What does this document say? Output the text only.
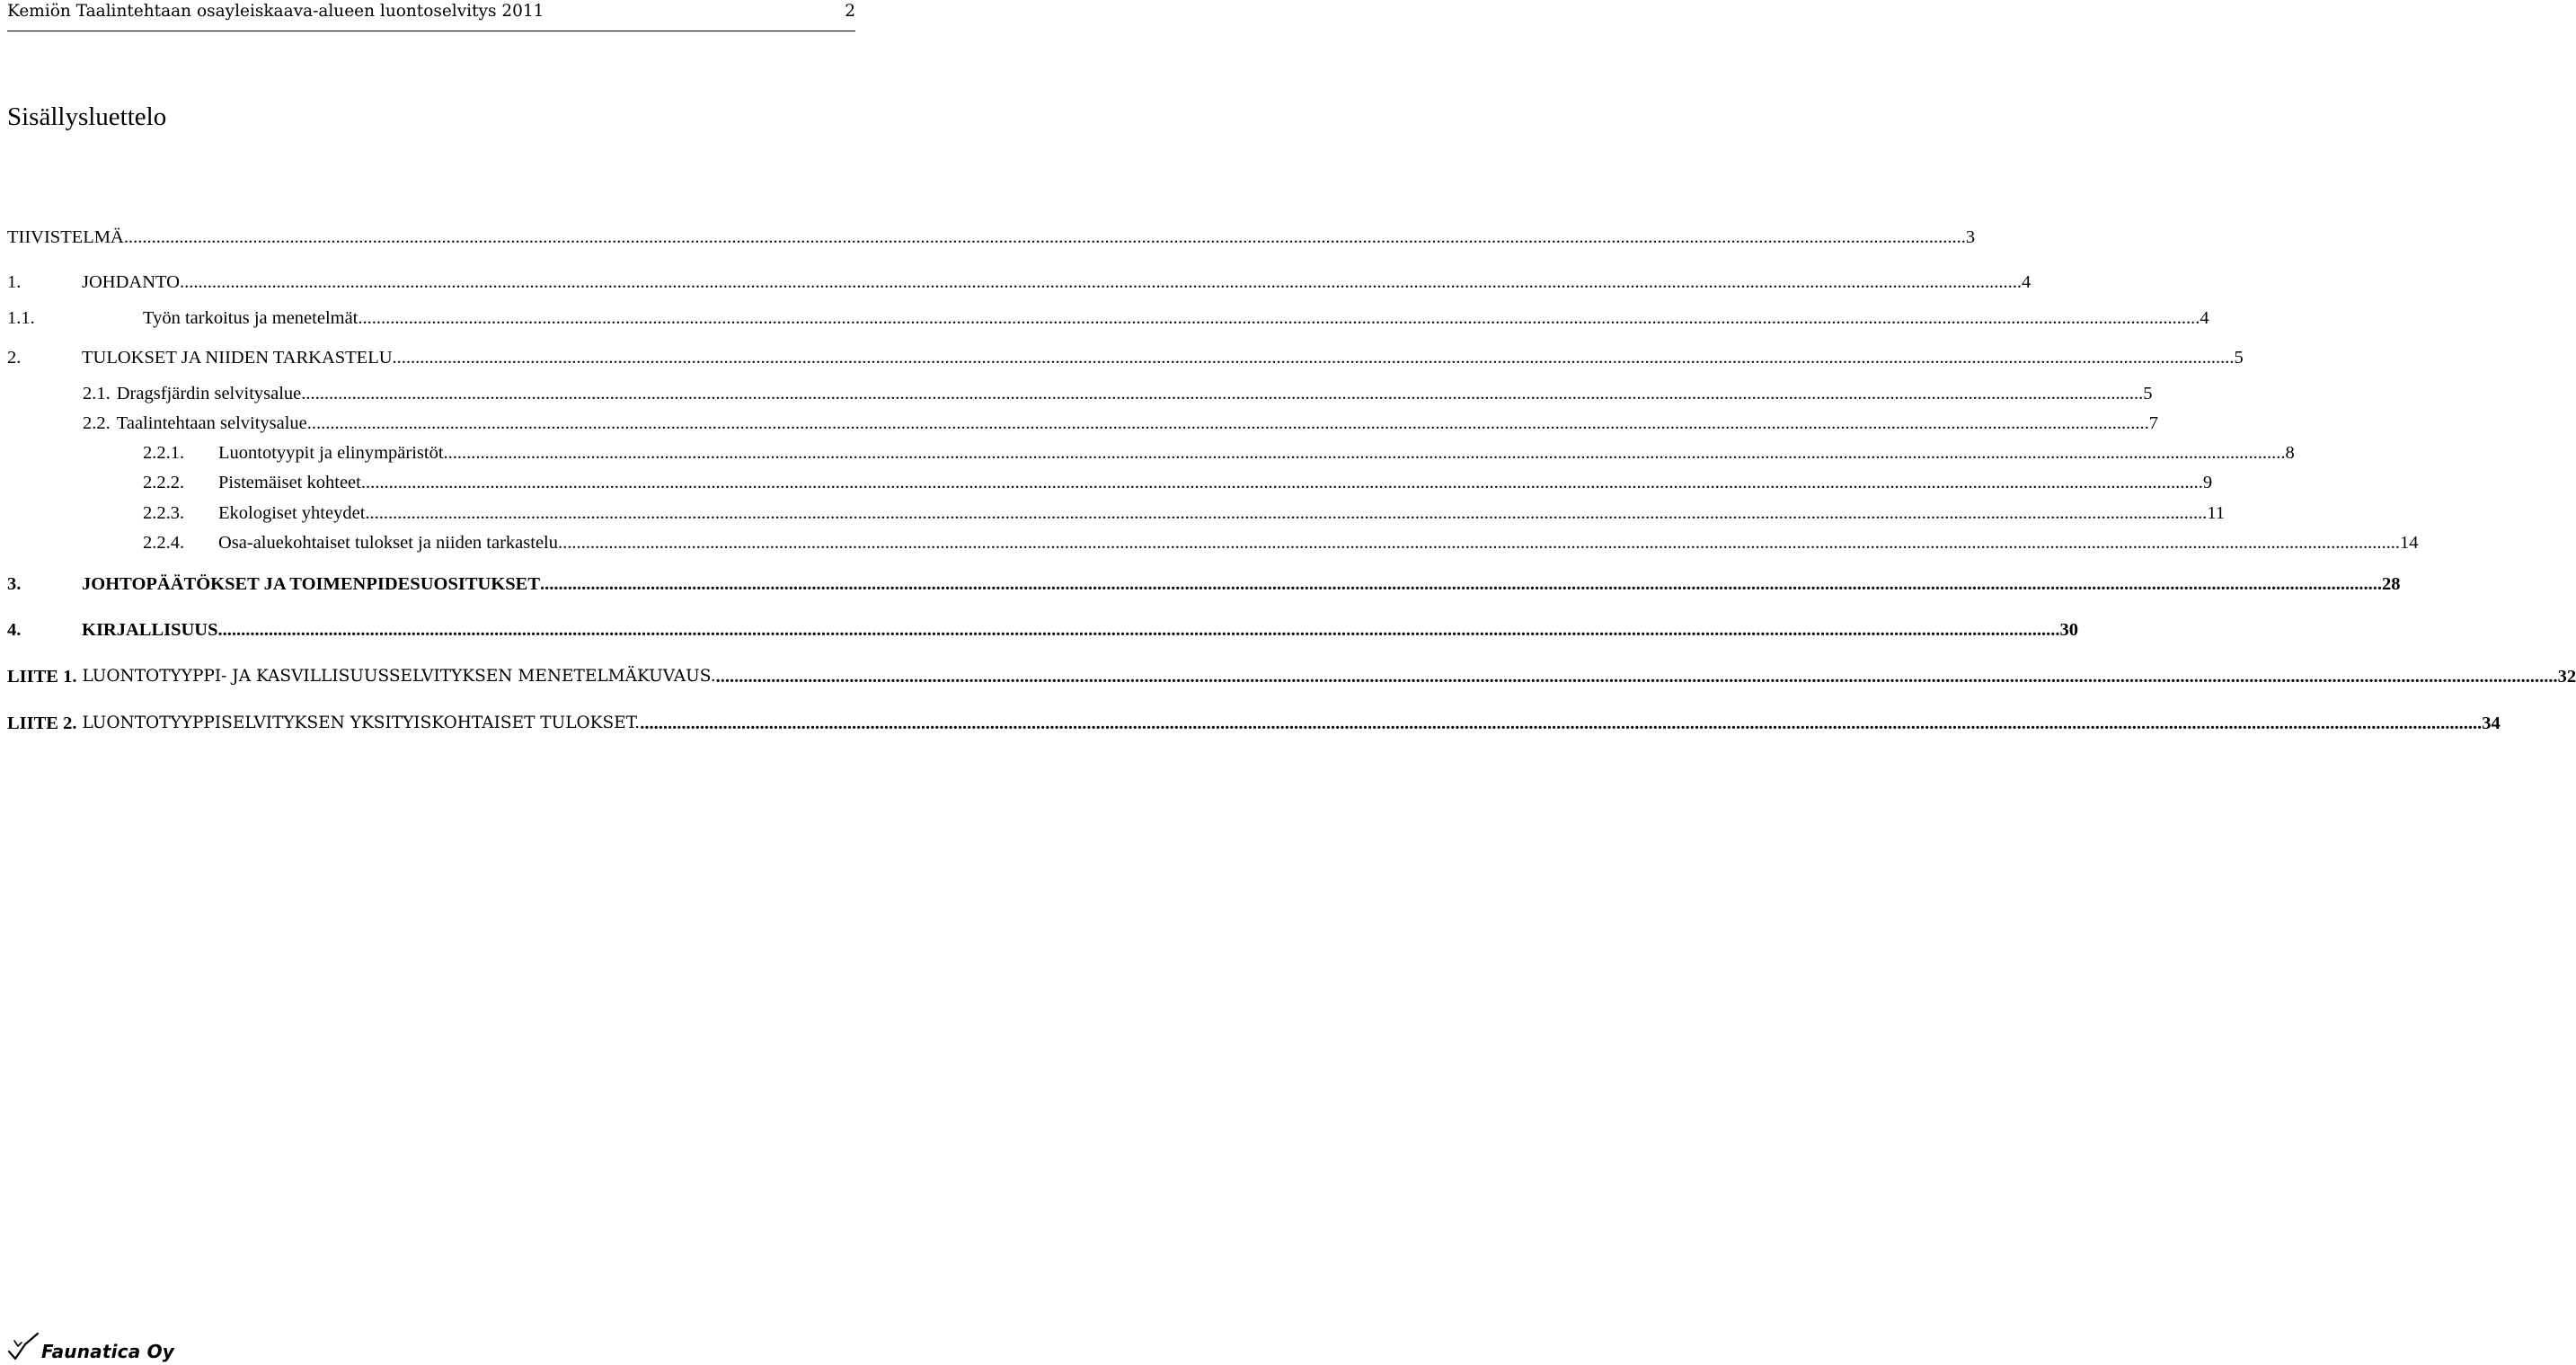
Kemiön Taalintehtaan osayleiskaava-alueen luontoselvitys 2011	2
Sisällysluettelo
TIIVISTELMÄ ................................................................................................................................................................................................................................................................................................................................................................................................................ 3
1.	JOHDANTO ................................................................................................................................................................................................................................................................................................................................................................................................................ 4
1.1.	Työn tarkoitus ja menetelmät ................................................................................................................................................................................................................................................................................................................................................................................................................ 4
2.	TULOKSET JA NIIDEN TARKASTELU ................................................................................................................................................................................................................................................................................................................................................................................................................ 5
2.1. Dragsfjärdin selvitysalue ................................................................................................................................................................................................................................................................................................................................................................................................................ 5
2.2. Taalintehtaan selvitysalue ................................................................................................................................................................................................................................................................................................................................................................................................................ 7
2.2.1. Luontotyypit ja elinympäristöt ................................................................................................................................................................................................................................................................................................................................................................................................................ 8
2.2.2. Pistemäiset kohteet ................................................................................................................................................................................................................................................................................................................................................................................................................ 9
2.2.3. Ekologiset yhteydet ................................................................................................................................................................................................................................................................................................................................................................................................................ 11
2.2.4. Osa-aluekohtaiset tulokset ja niiden tarkastelu ................................................................................................................................................................................................................................................................................................................................................................................................................ 14
3.	JOHTOPÄÄTÖKSET JA TOIMENPIDESUOSITUKSET ................................................................................................................................................................................................................................................................................................................................................................................................................ 28
4.	KIRJALLISUUS ................................................................................................................................................................................................................................................................................................................................................................................................................ 30
LIITE 1. LUONTOTYYPPI- JA KASVILLISUUSSELVITYKSEN MENETELMÄKUVAUS. ................................................................................................................................................................................................................................................................................................................................................................................................................ 32
LIITE 2. LUONTOTYYPPISELVITYKSEN YKSITYISKOHTAISET TULOKSET. ................................................................................................................................................................................................................................................................................................................................................................................................................ 34
Faunatica Oy
